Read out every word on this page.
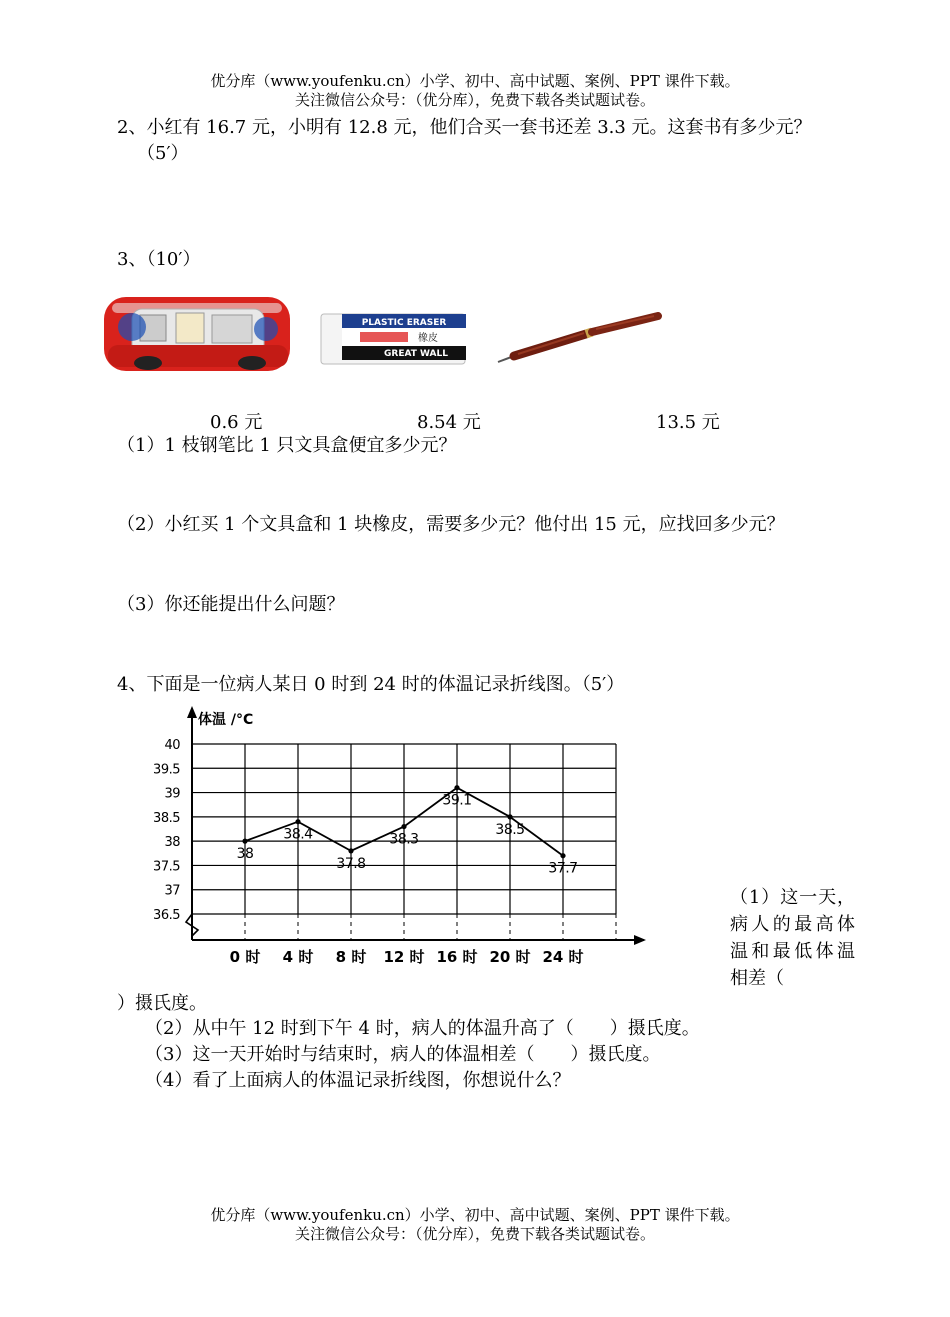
优分库（www.youfenku.cn）小学、初中、高中试题、案例、PPT 课件下载。
关注微信公众号：（优分库），免费下载各类试题试卷。
2、小红有 16.7 元，小明有 12.8 元，他们合买一套书还差 3.3 元。这套书有多少元？
（5′）
3、（10′）
PLASTIC ERASER
橡皮
GREAT WALL
0.6 元	8.54 元	13.5 元
（1）1 枝钢笔比 1 只文具盒便宜多少元？
（2）小红买 1 个文具盒和 1 块橡皮，需要多少元？他付出 15 元，应找回多少元？
（3）你还能提出什么问题？
4、下面是一位病人某日 0 时到 24 时的体温记录折线图。（5′）
体温 /°C
40
39.5
39
38.5
38
37.5
37
36.5
0 时 4 时 8 时 12 时 16 时 20 时 24 时
38
38.4
37.8
38.3
39.1
38.5
37.7
（1）这一天，病人的最高体温和最低体温相差（
）摄氏度。
（2）从中午 12 时到下午 4 时，病人的体温升高了（　　）摄氏度。
（3）这一天开始时与结束时，病人的体温相差（　　）摄氏度。
（4）看了上面病人的体温记录折线图，你想说什么？
优分库（www.youfenku.cn）小学、初中、高中试题、案例、PPT 课件下载。
关注微信公众号：（优分库），免费下载各类试题试卷。
